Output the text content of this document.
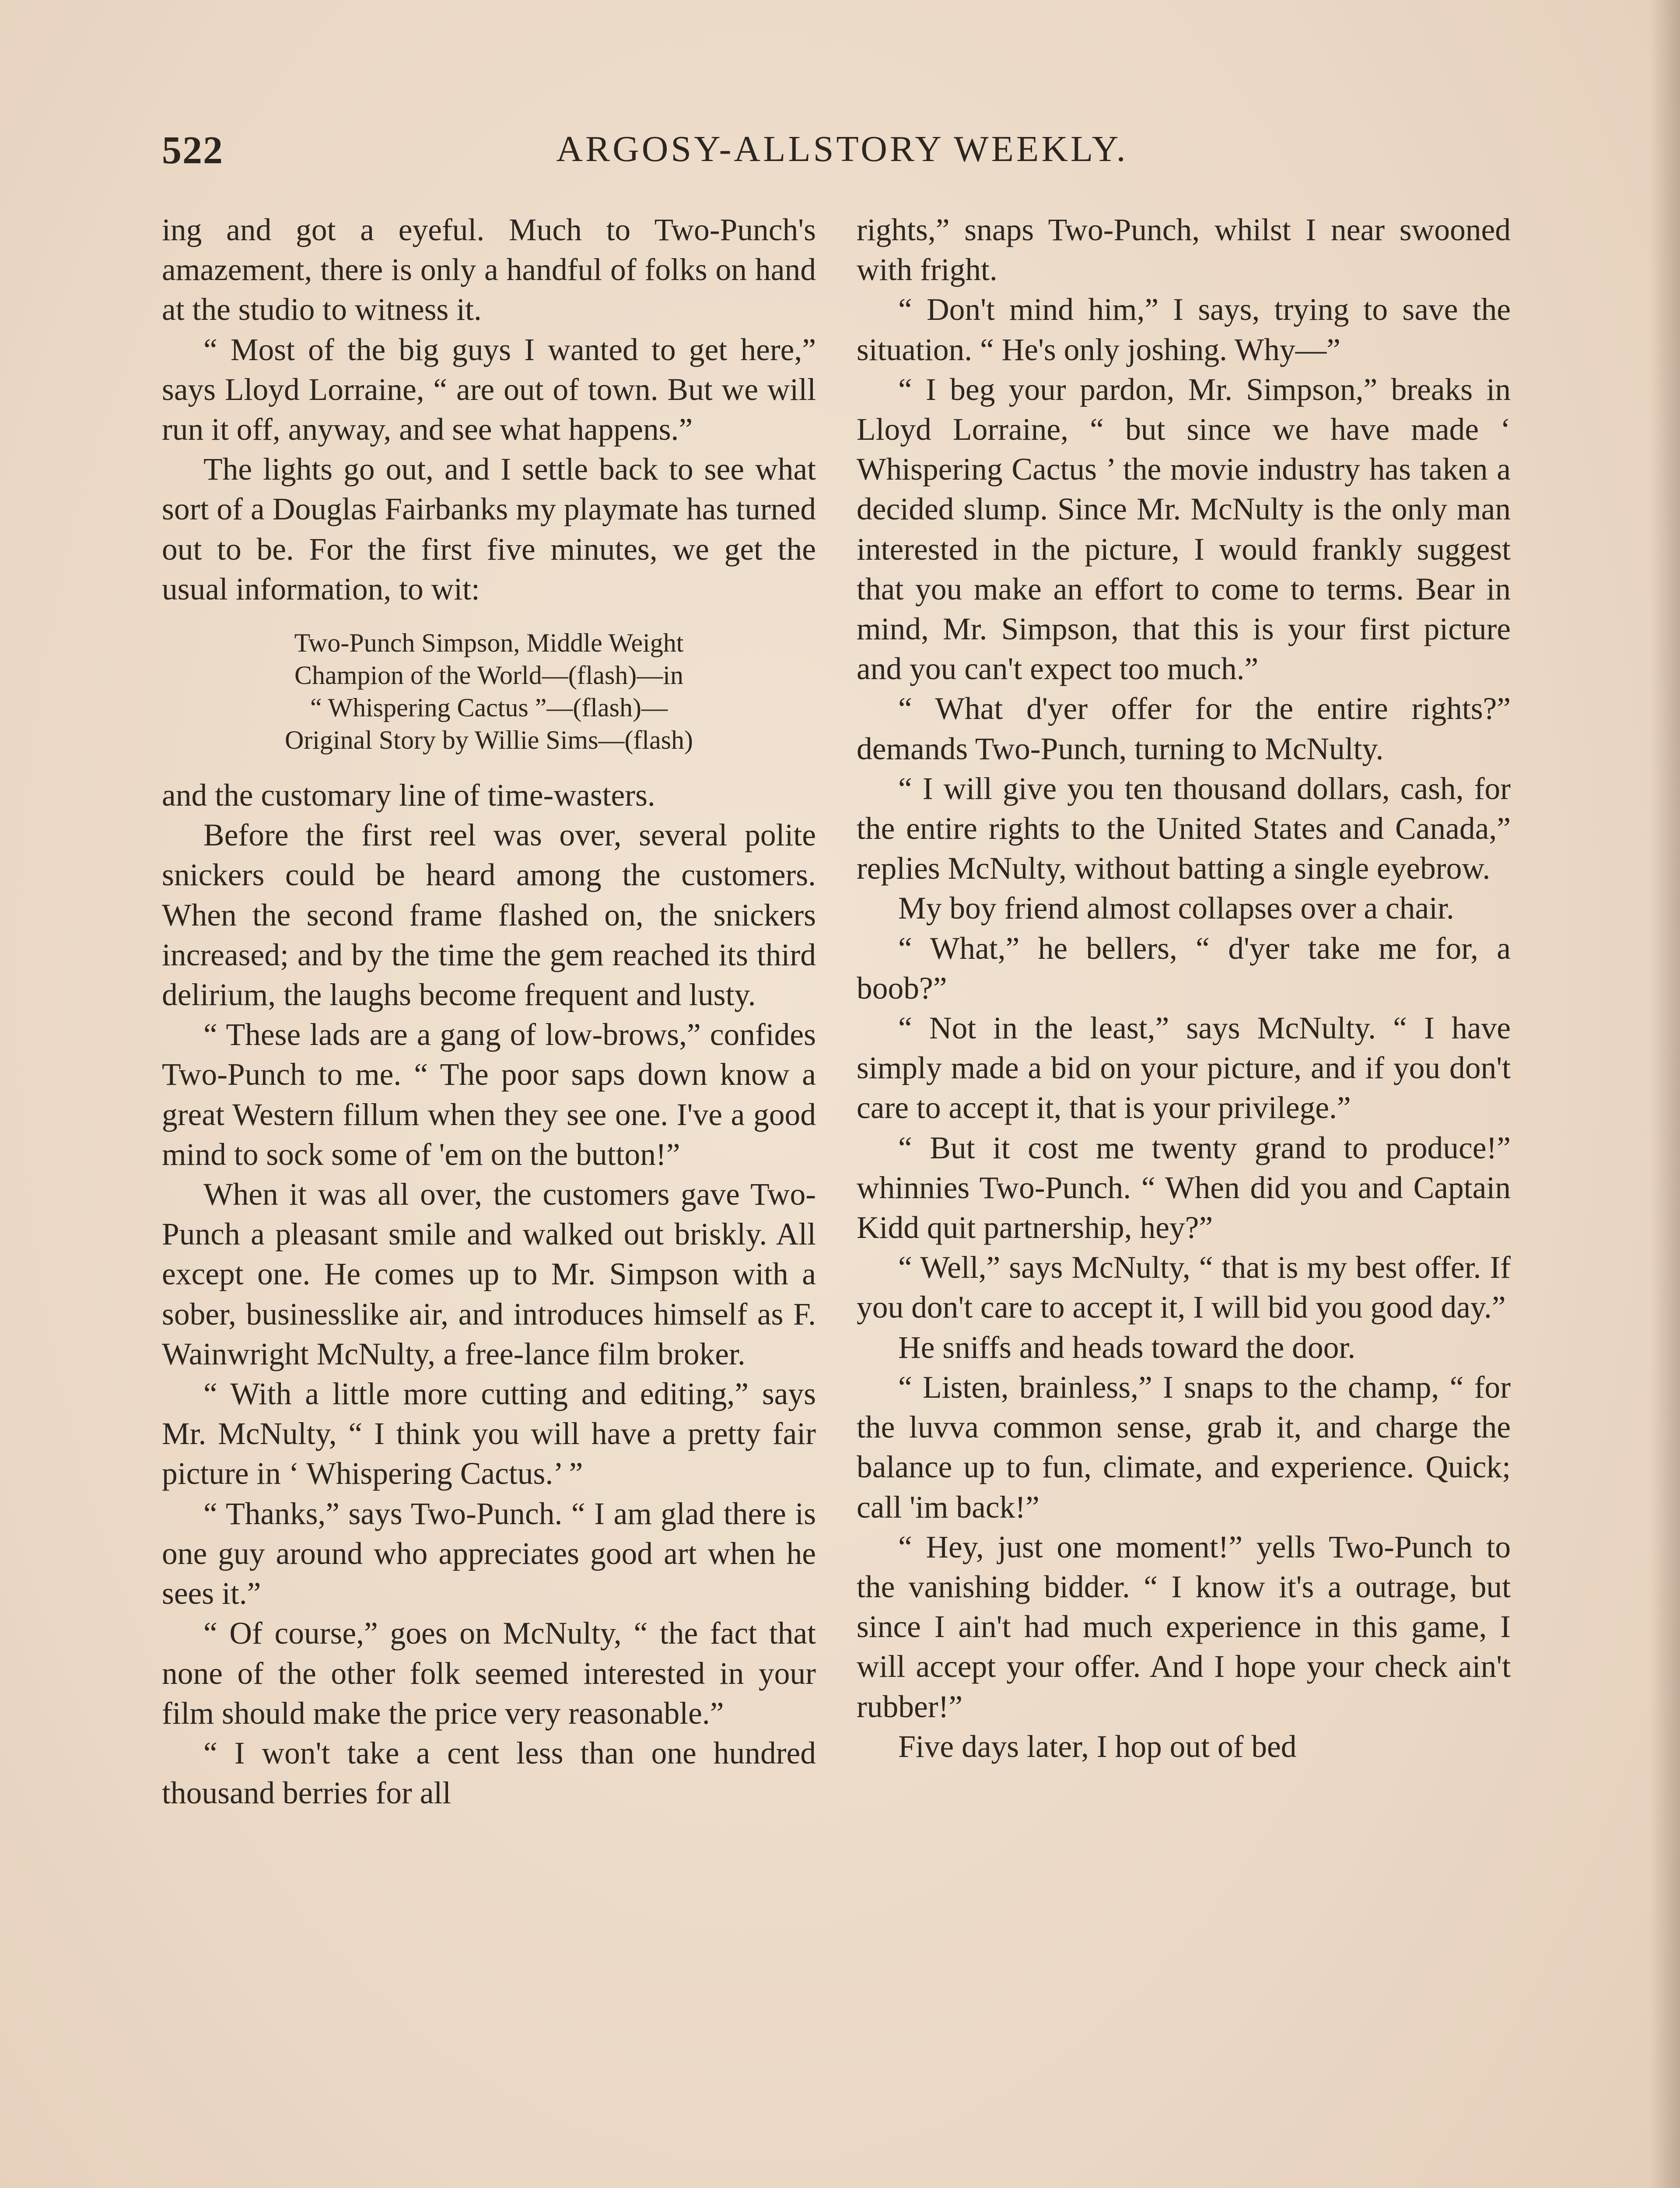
522	ARGOSY-ALLSTORY WEEKLY.

ing and got a eyeful. Much to Two-Punch's amazement, there is only a handful of folks on hand at the studio to witness it.

“ Most of the big guys I wanted to get here,” says Lloyd Lorraine, “ are out of town. But we will run it off, anyway, and see what happens.”

The lights go out, and I settle back to see what sort of a Douglas Fairbanks my playmate has turned out to be. For the first five minutes, we get the usual information, to wit:

Two-Punch Simpson, Middle Weight
Champion of the World—(flash)—in
“ Whispering Cactus ”—(flash)—
Original Story by Willie Sims—(flash)

and the customary line of time-wasters.

Before the first reel was over, several polite snickers could be heard among the customers. When the second frame flashed on, the snickers increased; and by the time the gem reached its third delirium, the laughs become frequent and lusty.

“ These lads are a gang of low-brows,” confides Two-Punch to me. “ The poor saps down know a great Western fillum when they see one. I've a good mind to sock some of 'em on the button!”

When it was all over, the customers gave Two-Punch a pleasant smile and walked out briskly. All except one. He comes up to Mr. Simpson with a sober, businesslike air, and introduces himself as F. Wainwright McNulty, a free-lance film broker.

“ With a little more cutting and editing,” says Mr. McNulty, “ I think you will have a pretty fair picture in ‘ Whispering Cactus.’ ”

“ Thanks,” says Two-Punch. “ I am glad there is one guy around who appreciates good art when he sees it.”

“ Of course,” goes on McNulty, “ the fact that none of the other folk seemed interested in your film should make the price very reasonable.”

“ I won't take a cent less than one hundred thousand berries for all

rights,” snaps Two-Punch, whilst I near swooned with fright.

“ Don't mind him,” I says, trying to save the situation. “ He's only joshing. Why—”

“ I beg your pardon, Mr. Simpson,” breaks in Lloyd Lorraine, “ but since we have made ‘ Whispering Cactus ’ the movie industry has taken a decided slump. Since Mr. McNulty is the only man interested in the picture, I would frankly suggest that you make an effort to come to terms. Bear in mind, Mr. Simpson, that this is your first picture and you can't expect too much.”

“ What d'yer offer for the entire rights?” demands Two-Punch, turning to McNulty.

“ I will give you ten thousand dollars, cash, for the entire rights to the United States and Canada,” replies McNulty, without batting a single eyebrow.

My boy friend almost collapses over a chair.

“ What,” he bellers, “ d'yer take me for, a boob?”

“ Not in the least,” says McNulty. “ I have simply made a bid on your picture, and if you don't care to accept it, that is your privilege.”

“ But it cost me twenty grand to produce!” whinnies Two-Punch. “ When did you and Captain Kidd quit partnership, hey?”

“ Well,” says McNulty, “ that is my best offer. If you don't care to accept it, I will bid you good day.”

He sniffs and heads toward the door.

“ Listen, brainless,” I snaps to the champ, “ for the luvva common sense, grab it, and charge the balance up to fun, climate, and experience. Quick; call 'im back!”

“ Hey, just one moment!” yells Two-Punch to the vanishing bidder. “ I know it's a outrage, but since I ain't had much experience in this game, I will accept your offer. And I hope your check ain't rubber!”

Five days later, I hop out of bed
